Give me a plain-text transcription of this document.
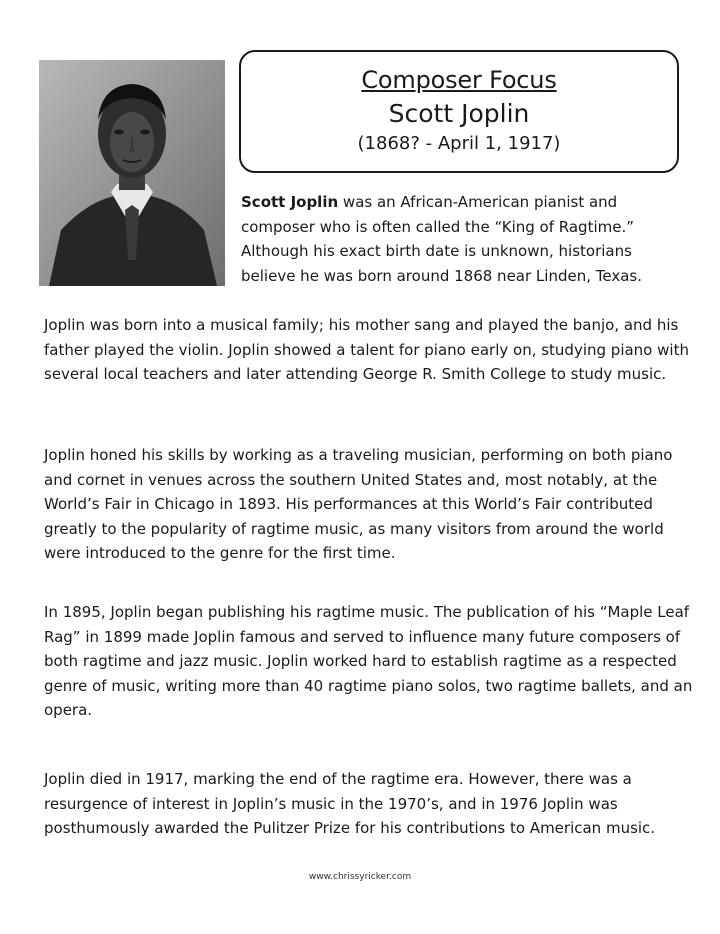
Composer Focus
Scott Joplin
(1868? - April 1, 1917)

Scott Joplin was an African-American pianist and composer who is often called the “King of Ragtime.” Although his exact birth date is unknown, historians believe he was born around 1868 near Linden, Texas.

Joplin was born into a musical family; his mother sang and played the banjo, and his father played the violin. Joplin showed a talent for piano early on, studying piano with several local teachers and later attending George R. Smith College to study music.

Joplin honed his skills by working as a traveling musician, performing on both piano and cornet in venues across the southern United States and, most notably, at the World’s Fair in Chicago in 1893. His performances at this World’s Fair contributed greatly to the popularity of ragtime music, as many visitors from around the world were introduced to the genre for the first time.

In 1895, Joplin began publishing his ragtime music. The publication of his “Maple Leaf Rag” in 1899 made Joplin famous and served to influence many future composers of both ragtime and jazz music. Joplin worked hard to establish ragtime as a respected genre of music, writing more than 40 ragtime piano solos, two ragtime ballets, and an opera.

Joplin died in 1917, marking the end of the ragtime era. However, there was a resurgence of interest in Joplin’s music in the 1970’s, and in 1976 Joplin was posthumously awarded the Pulitzer Prize for his contributions to American music.

www.chrissyricker.com
